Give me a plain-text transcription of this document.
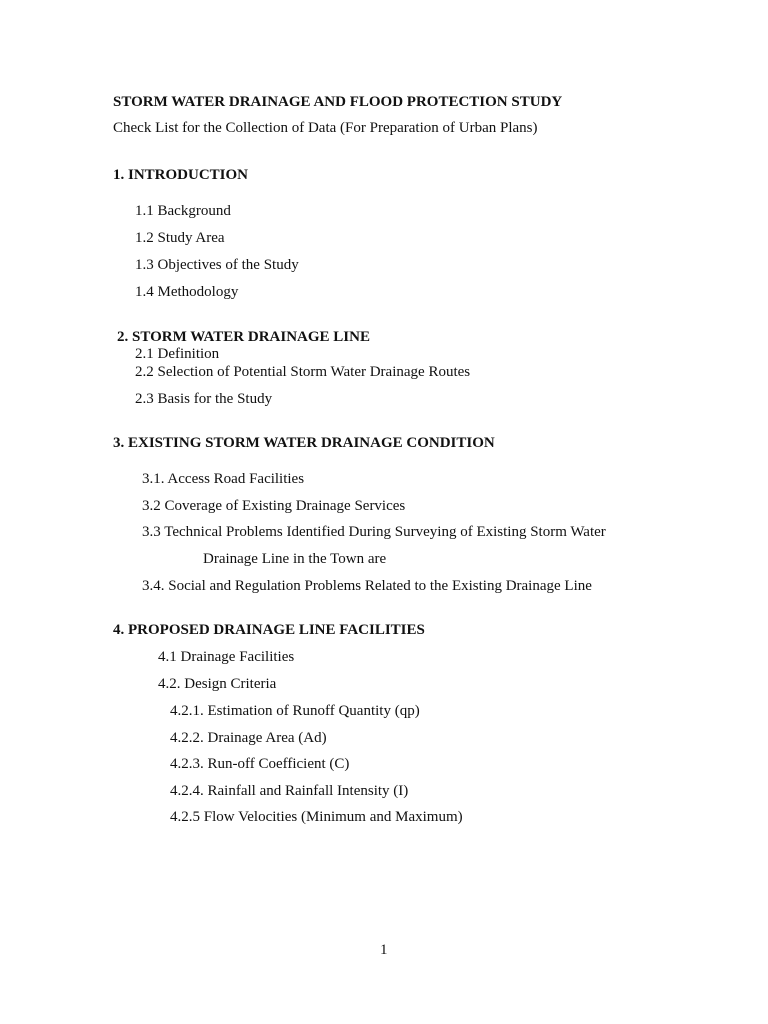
STORM WATER DRAINAGE AND FLOOD PROTECTION STUDY
Check List for the Collection of Data (For Preparation of Urban Plans)
1. INTRODUCTION
1.1 Background
1.2 Study Area
1.3 Objectives of the Study
1.4 Methodology
2. STORM WATER DRAINAGE LINE
2.1 Definition
2.2 Selection of Potential Storm Water Drainage Routes
2.3 Basis for the Study
3. EXISTING STORM WATER DRAINAGE CONDITION
3.1. Access Road Facilities
3.2 Coverage of Existing Drainage Services
3.3 Technical Problems Identified During Surveying of Existing Storm Water
Drainage Line in the Town are
3.4. Social and Regulation Problems Related to the Existing Drainage Line
4. PROPOSED DRAINAGE LINE FACILITIES
4.1 Drainage Facilities
4.2. Design Criteria
4.2.1. Estimation of Runoff Quantity (qp)
4.2.2. Drainage Area (Ad)
4.2.3. Run-off Coefficient (C)
4.2.4. Rainfall and Rainfall Intensity (I)
4.2.5 Flow Velocities (Minimum and Maximum)
1
